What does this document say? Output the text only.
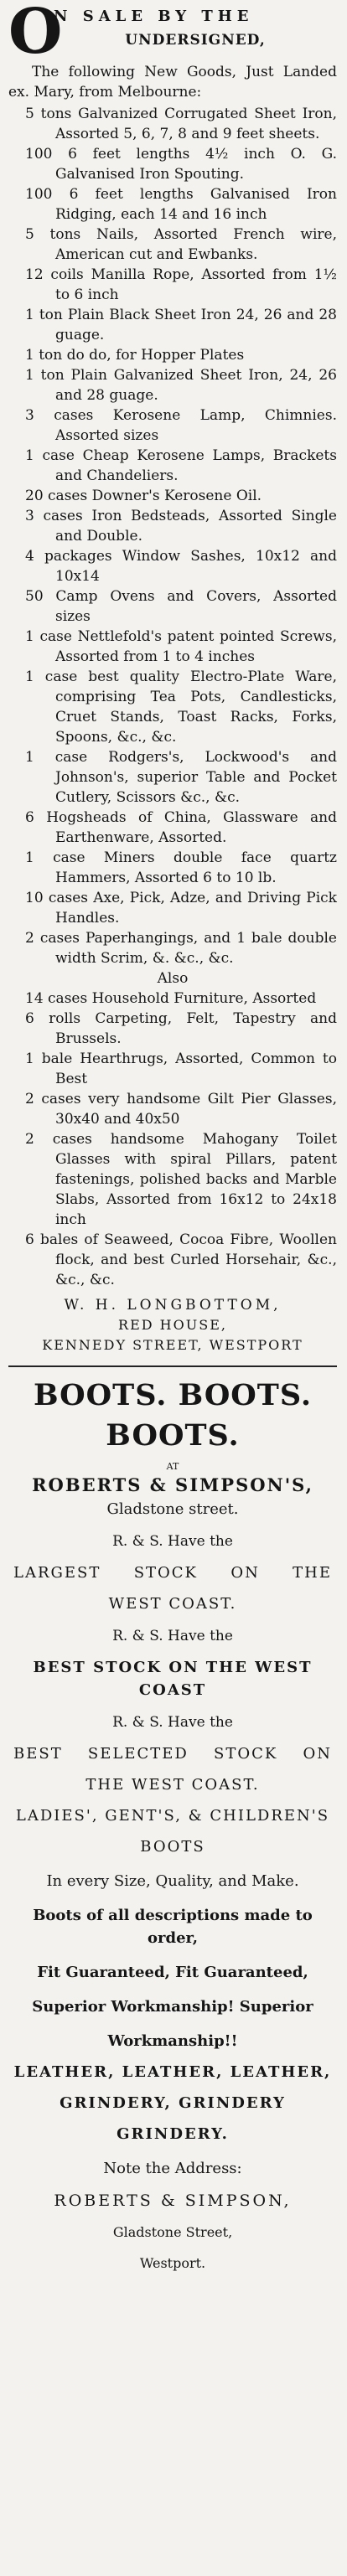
O
N SALE BY THE
UNDERSIGNED,

The following New Goods, Just Landed ex. Mary, from Melbourne:

5 tons Galvanized Corrugated Sheet Iron, Assorted 5, 6, 7, 8 and 9 feet sheets.

100 6 feet lengths 4½ inch O. G. Galvanised Iron Spouting.

100 6 feet lengths Galvanised Iron Ridging, each 14 and 16 inch

5 tons Nails, Assorted French wire, American cut and Ewbanks.

12 coils Manilla Rope, Assorted from 1½ to 6 inch

1 ton Plain Black Sheet Iron 24, 26 and 28 guage.

1 ton do do, for Hopper Plates

1 ton Plain Galvanized Sheet Iron, 24, 26 and 28 guage.

3 cases Kerosene Lamp, Chimnies. Assorted sizes

1 case Cheap Kerosene Lamps, Brackets and Chandeliers.

20 cases Downer's Kerosene Oil.

3 cases Iron Bedsteads, Assorted Single and Double.

4 packages Window Sashes, 10x12 and 10x14

50 Camp Ovens and Covers, Assorted sizes

1 case Nettlefold's patent pointed Screws, Assorted from 1 to 4 inches

1 case best quality Electro-Plate Ware, comprising Tea Pots, Candlesticks, Cruet Stands, Toast Racks, Forks, Spoons, &c., &c.

1 case Rodgers's, Lockwood's and Johnson's, superior Table and Pocket Cutlery, Scissors &c., &c.

6 Hogsheads of China, Glassware and Earthenware, Assorted.

1 case Miners double face quartz Hammers, Assorted 6 to 10 lb.

10 cases Axe, Pick, Adze, and Driving Pick Handles.

2 cases Paperhangings, and 1 bale double width Scrim, &. &c., &c.

Also

14 cases Household Furniture, Assorted

6 rolls Carpeting, Felt, Tapestry and Brussels.

1 bale Hearthrugs, Assorted, Common to Best

2 cases very handsome Gilt Pier Glasses, 30x40 and 40x50

2 cases handsome Mahogany Toilet Glasses with spiral Pillars, patent fastenings, polished backs and Marble Slabs, Assorted from 16x12 to 24x18 inch

6 bales of Seaweed, Cocoa Fibre, Woollen flock, and best Curled Horsehair, &c., &c., &c.

W. H. LONGBOTTOM,
RED HOUSE,
KENNEDY STREET, WESTPORT
BOOTS. BOOTS. BOOTS.
AT
ROBERTS & SIMPSON'S,
Gladstone street.
R. & S. Have the
LARGEST STOCK ON THE
WEST COAST.
R. & S. Have the
BEST STOCK ON THE WEST COAST
R. & S. Have the
BEST SELECTED STOCK ON
THE WEST COAST.
LADIES', GENT'S, & CHILDREN'S
BOOTS
In every Size, Quality, and Make.
Boots of all descriptions made to order,
Fit Guaranteed, Fit Guaranteed,
Superior Workmanship! Superior
Workmanship!!
LEATHER, LEATHER, LEATHER,
GRINDERY, GRINDERY
GRINDERY.
Note the Address:
ROBERTS & SIMPSON,
Gladstone Street,
Westport.
